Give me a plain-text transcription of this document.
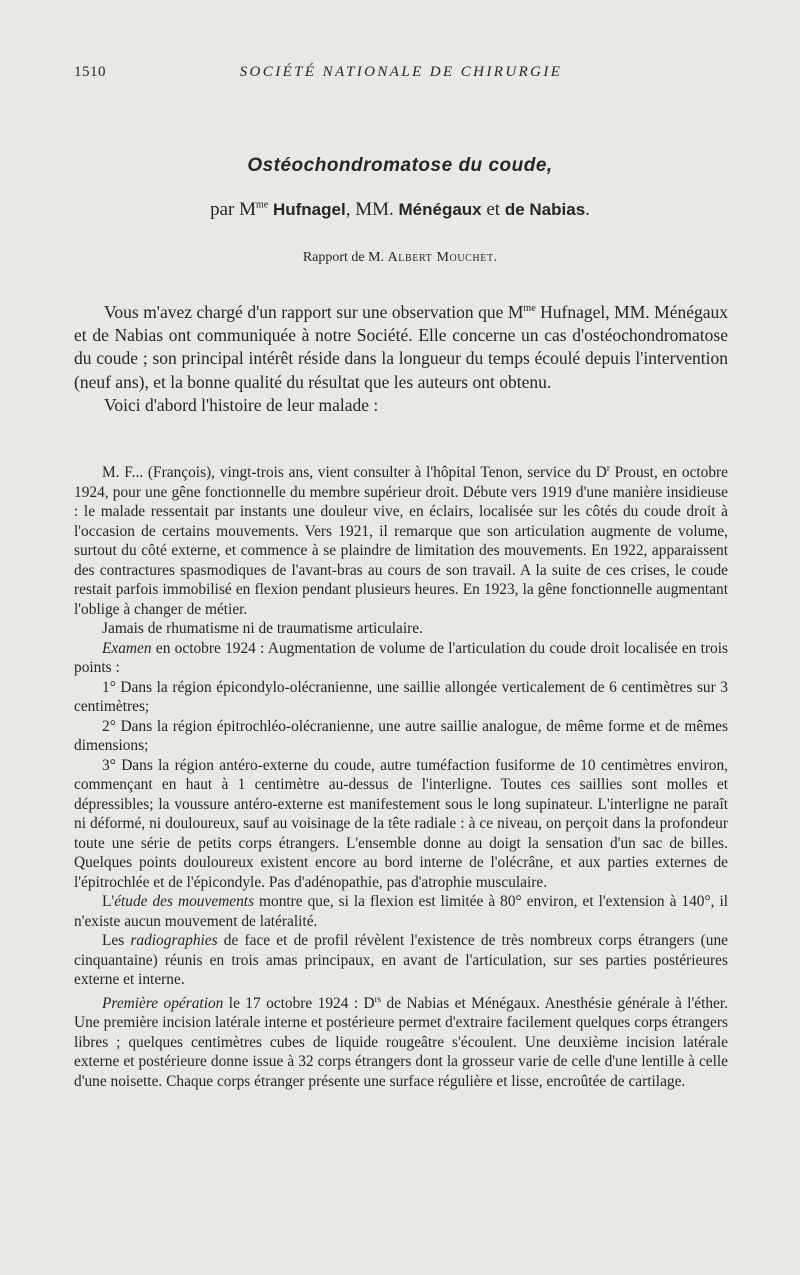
1510	SOCIÉTÉ NATIONALE DE CHIRURGIE
Ostéochondromatose du coude,
par $M^{me}$ Hufnagel, MM. Ménégaux et de Nabias.
Rapport de M. Albert Mouchet.

Vous m'avez chargé d'un rapport sur une observation que $M^{me}$ Hufnagel, MM. Ménégaux et de Nabias ont communiquée à notre Société. Elle concerne un cas d'ostéochondromatose du coude ; son principal intérêt réside dans la longueur du temps écoulé depuis l'intervention (neuf ans), et la bonne qualité du résultat que les auteurs ont obtenu.

Voici d'abord l'histoire de leur malade :

M. F... (François), vingt-trois ans, vient consulter à l'hôpital Tenon, service du $D^r$ Proust, en octobre 1924, pour une gêne fonctionnelle du membre supérieur droit. Débute vers 1919 d'une manière insidieuse : le malade ressentait par instants une douleur vive, en éclairs, localisée sur les côtés du coude droit à l'occasion de certains mouvements. Vers 1921, il remarque que son articulation augmente de volume, surtout du côté externe, et commence à se plaindre de limitation des mouvements. En 1922, apparaissent des contractures spasmodiques de l'avant-bras au cours de son travail. A la suite de ces crises, le coude restait parfois immobilisé en flexion pendant plusieurs heures. En 1923, la gêne fonctionnelle augmentant l'oblige à changer de métier.

Jamais de rhumatisme ni de traumatisme articulaire.

Examen en octobre 1924 : Augmentation de volume de l'articulation du coude droit localisée en trois points :

1° Dans la région épicondylo-olécranienne, une saillie allongée verticalement de 6 centimètres sur 3 centimètres;

2° Dans la région épitrochléo-olécranienne, une autre saillie analogue, de même forme et de mêmes dimensions;

3° Dans la région antéro-externe du coude, autre tuméfaction fusiforme de 10 centimètres environ, commençant en haut à 1 centimètre au-dessus de l'interligne. Toutes ces saillies sont molles et dépressibles; la voussure antéro-externe est manifestement sous le long supinateur. L'interligne ne paraît ni déformé, ni douloureux, sauf au voisinage de la tête radiale : à ce niveau, on perçoit dans la profondeur toute une série de petits corps étrangers. L'ensemble donne au doigt la sensation d'un sac de billes. Quelques points douloureux existent encore au bord interne de l'olécrâne, et aux parties externes de l'épitrochlée et de l'épicondyle. Pas d'adénopathie, pas d'atrophie musculaire.

L'étude des mouvements montre que, si la flexion est limitée à 80° environ, et l'extension à 140°, il n'existe aucun mouvement de latéralité.

Les radiographies de face et de profil révèlent l'existence de très nombreux corps étrangers (une cinquantaine) réunis en trois amas principaux, en avant de l'articulation, sur ses parties postérieures externe et interne.

Première opération le 17 octobre 1924 : $D^{rs}$ de Nabias et Ménégaux. Anesthésie générale à l'éther. Une première incision latérale interne et postérieure permet d'extraire facilement quelques corps étrangers libres ; quelques centimètres cubes de liquide rougeâtre s'écoulent. Une deuxième incision latérale externe et postérieure donne issue à 32 corps étrangers dont la grosseur varie de celle d'une lentille à celle d'une noisette. Chaque corps étranger présente une surface régulière et lisse, encroûtée de cartilage.
